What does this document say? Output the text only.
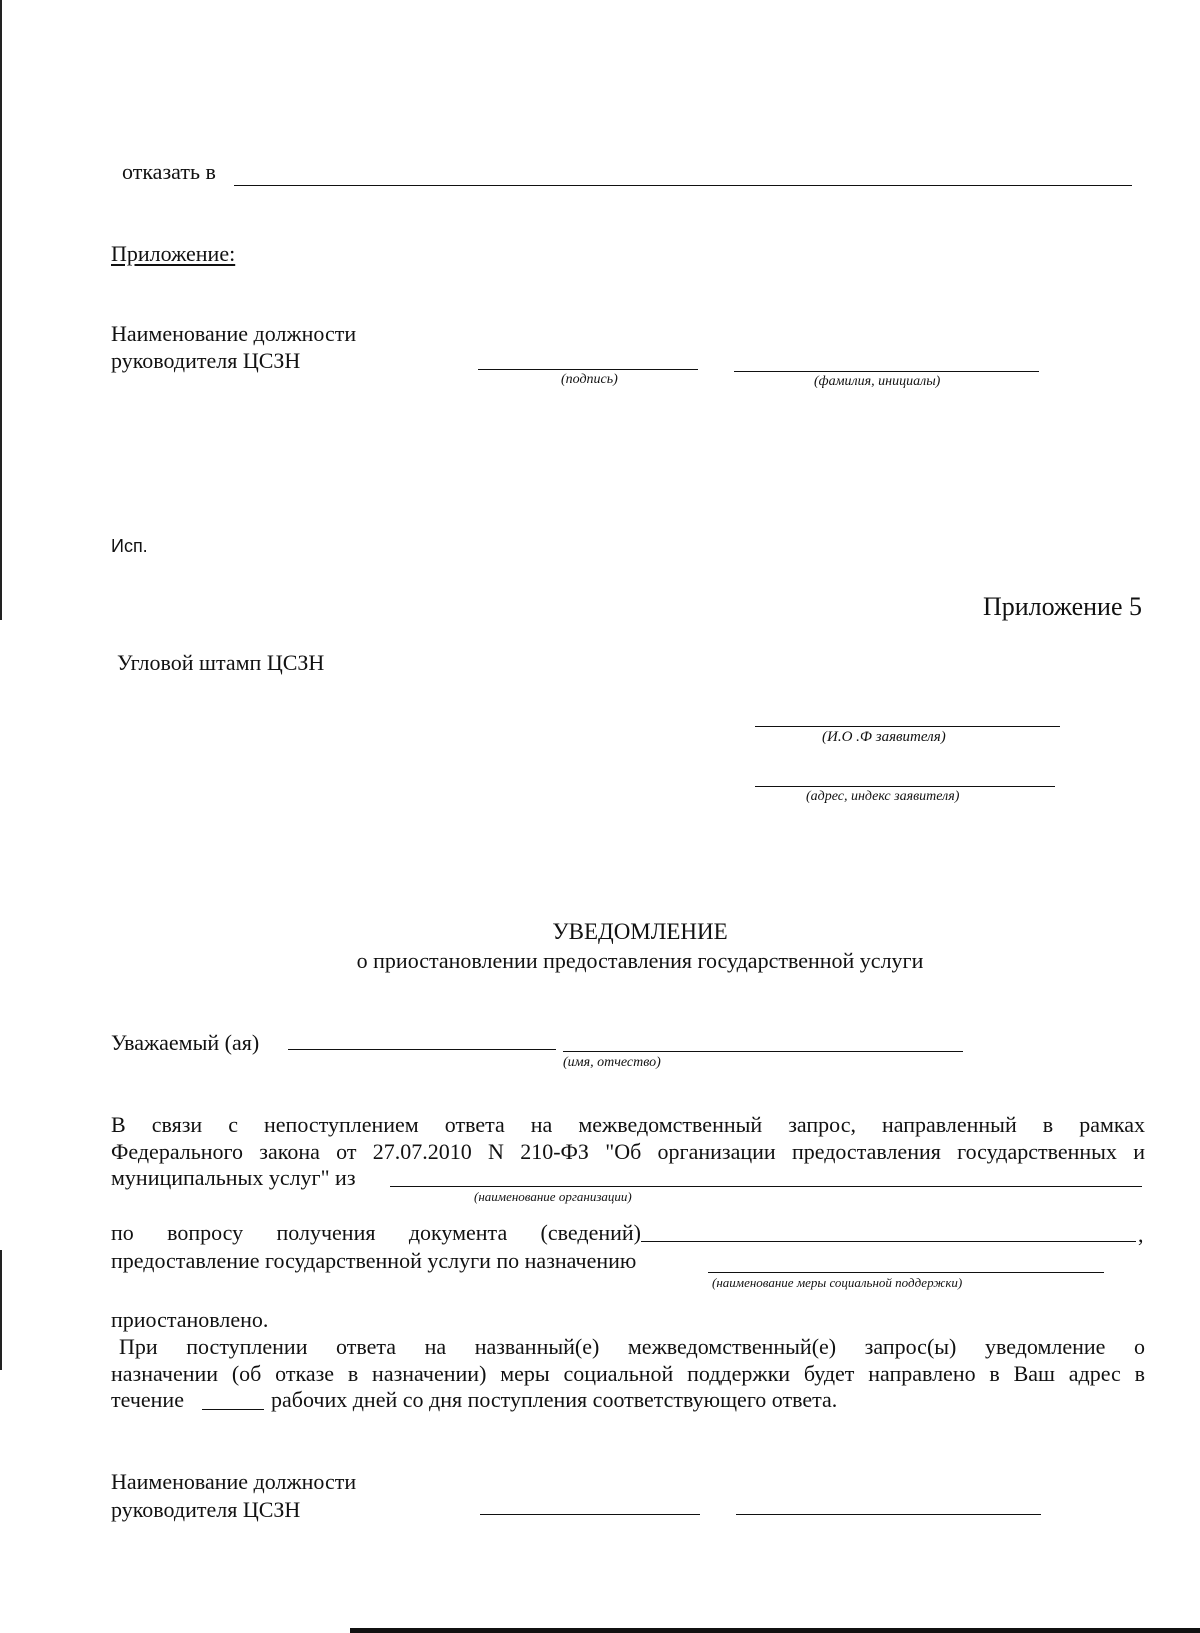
отказать в
Приложение:
Наименование должности
руководителя ЦСЗН
(подпись)	(фамилия, инициалы)
Исп.
Приложение 5
Угловой штамп ЦСЗН
(И.О .Ф заявителя)
(адрес, индекс заявителя)
УВЕДОМЛЕНИЕ
о приостановлении предоставления государственной услуги
Уважаемый (ая)
(имя, отчество)
В связи с непоступлением ответа на межведомственный запрос, направленный в рамках
Федерального закона от 27.07.2010 N 210-ФЗ "Об организации предоставления государственных и
муниципальных услуг" из
(наименование организации)
по вопросу получения документа (сведений)	,
предоставление государственной услуги по назначению
(наименование меры социальной поддержки)
приостановлено.
При поступлении ответа на названный(е) межведомственный(е) запрос(ы) уведомление о
назначении (об отказе в назначении) меры социальной поддержки будет направлено в Ваш адрес в
течение	рабочих дней со дня поступления соответствующего ответа.
Наименование должности
руководителя ЦСЗН
